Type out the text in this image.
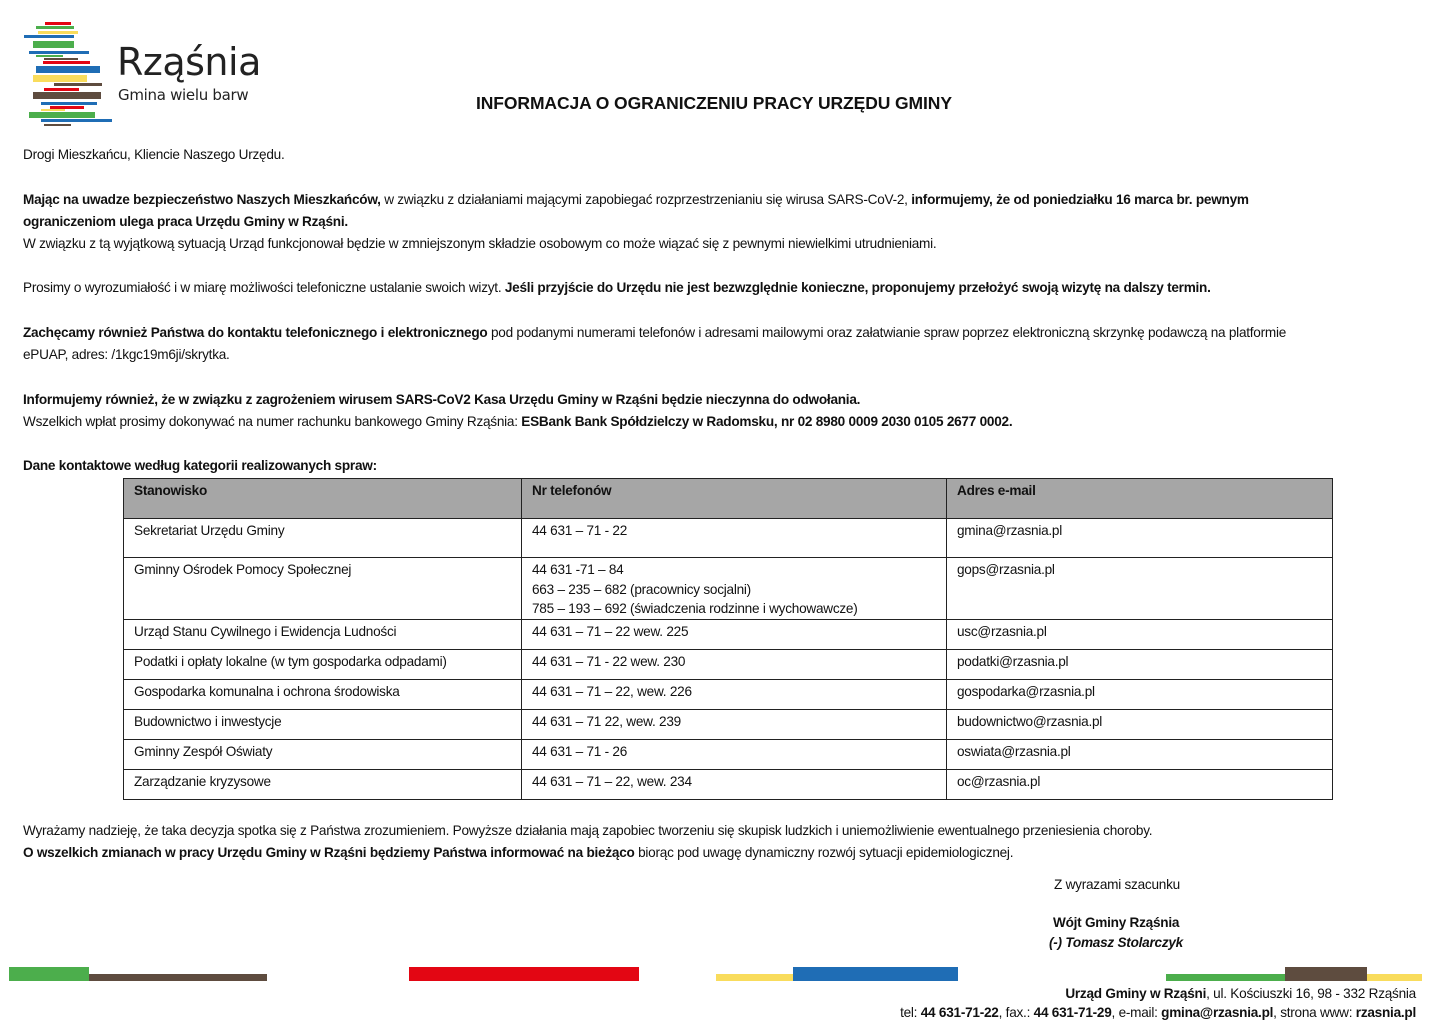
Rząśnia
Gmina wielu barw	INFORMACJA O OGRANICZENIU PRACY URZĘDU GMINY
Drogi Mieszkańcu, Kliencie Naszego Urzędu.
Mając na uwadze bezpieczeństwo Naszych Mieszkańców, w związku z działaniami mającymi zapobiegać rozprzestrzenianiu się wirusa SARS-CoV-2, informujemy, że od poniedziałku 16 marca br. pewnym
ograniczeniom ulega praca Urzędu Gminy w Rząśni.
W związku z tą wyjątkową sytuacją Urząd funkcjonował będzie w zmniejszonym składzie osobowym co może wiązać się z pewnymi niewielkimi utrudnieniami.
Prosimy o wyrozumiałość i w miarę możliwości telefoniczne ustalanie swoich wizyt. Jeśli przyjście do Urzędu nie jest bezwzględnie konieczne, proponujemy przełożyć swoją wizytę na dalszy termin.
Zachęcamy również Państwa do kontaktu telefonicznego i elektronicznego pod podanymi numerami telefonów i adresami mailowymi oraz załatwianie spraw poprzez elektroniczną skrzynkę podawczą na platformie
ePUAP, adres: /1kgc19m6ji/skrytka.
Informujemy również, że w związku z zagrożeniem wirusem SARS-CoV2 Kasa Urzędu Gminy w Rząśni będzie nieczynna do odwołania.
Wszelkich wpłat prosimy dokonywać na numer rachunku bankowego Gminy Rząśnia: ESBank Bank Spółdzielczy w Radomsku, nr 02 8980 0009 2030 0105 2677 0002.
Dane kontaktowe według kategorii realizowanych spraw:
Stanowisko	Nr telefonów	Adres e-mail
Sekretariat Urzędu Gminy	44 631 – 71 - 22	gmina@rzasnia.pl
Gminny Ośrodek Pomocy Społecznej	44 631 -71 – 84
663 – 235 – 682 (pracownicy socjalni)
785 – 193 – 692 (świadczenia rodzinne i wychowawcze)	gops@rzasnia.pl
Urząd Stanu Cywilnego i Ewidencja Ludności	44 631 – 71 – 22 wew. 225	usc@rzasnia.pl
Podatki i opłaty lokalne (w tym gospodarka odpadami)	44 631 – 71 - 22 wew. 230	podatki@rzasnia.pl
Gospodarka komunalna i ochrona środowiska	44 631 – 71 – 22, wew. 226	gospodarka@rzasnia.pl
Budownictwo i inwestycje	44 631 – 71 22, wew. 239	budownictwo@rzasnia.pl
Gminny Zespół Oświaty	44 631 – 71 - 26	oswiata@rzasnia.pl
Zarządzanie kryzysowe	44 631 – 71 – 22, wew. 234	oc@rzasnia.pl
Wyrażamy nadzieję, że taka decyzja spotka się z Państwa zrozumieniem. Powyższe działania mają zapobiec tworzeniu się skupisk ludzkich i uniemożliwienie ewentualnego przeniesienia choroby.
O wszelkich zmianach w pracy Urzędu Gminy w Rząśni będziemy Państwa informować na bieżąco biorąc pod uwagę dynamiczny rozwój sytuacji epidemiologicznej.
Z wyrazami szacunku
Wójt Gminy Rząśnia
(-) Tomasz Stolarczyk
Urząd Gminy w Rząśni, ul. Kościuszki 16, 98 - 332 Rząśnia
tel: 44 631-71-22, fax.: 44 631-71-29, e-mail: gmina@rzasnia.pl, strona www: rzasnia.pl
